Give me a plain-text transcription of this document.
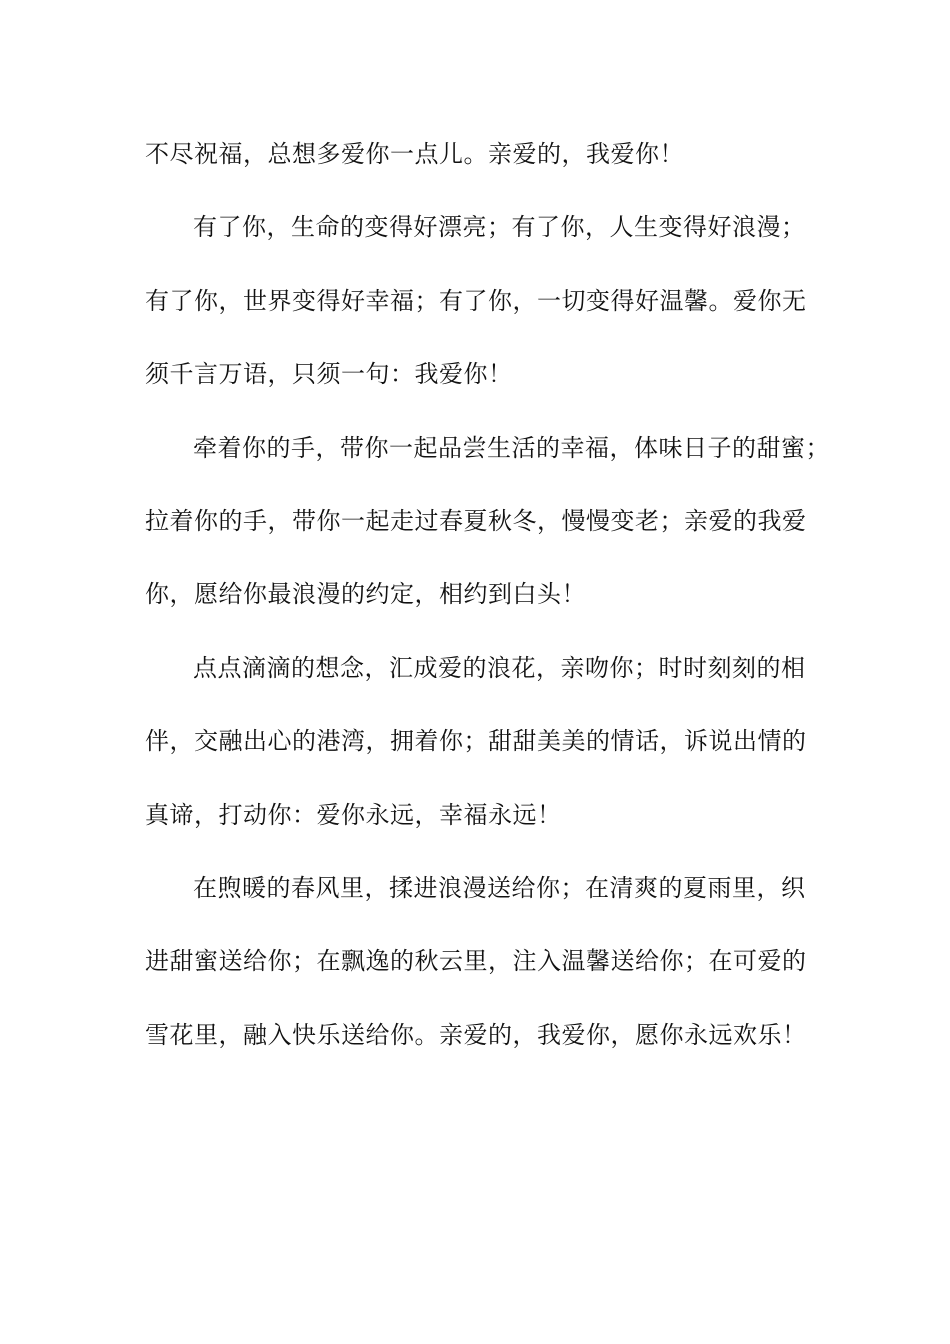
不尽祝福，总想多爱你一点儿。亲爱的，我爱你！
有了你，生命的变得好漂亮；有了你，人生变得好浪漫；
有了你，世界变得好幸福；有了你，一切变得好温馨。爱你无
须千言万语，只须一句：我爱你！
牵着你的手，带你一起品尝生活的幸福，体味日子的甜蜜；
拉着你的手，带你一起走过春夏秋冬，慢慢变老；亲爱的我爱
你，愿给你最浪漫的约定，相约到白头！
点点滴滴的想念，汇成爱的浪花，亲吻你；时时刻刻的相
伴，交融出心的港湾，拥着你；甜甜美美的情话，诉说出情的
真谛，打动你：爱你永远，幸福永远！
在煦暖的春风里，揉进浪漫送给你；在清爽的夏雨里，织
进甜蜜送给你；在飘逸的秋云里，注入温馨送给你；在可爱的
雪花里，融入快乐送给你。亲爱的，我爱你，愿你永远欢乐！
